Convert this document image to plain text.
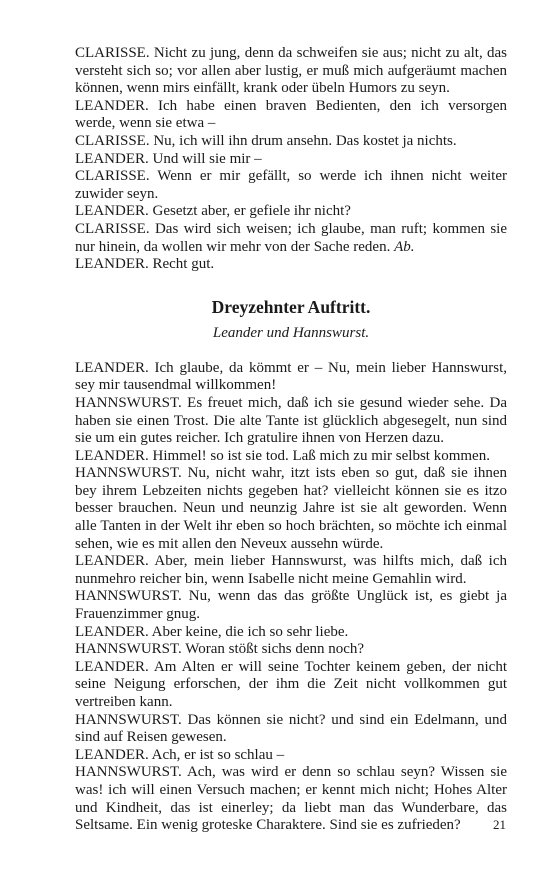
CLARISSE. Nicht zu jung, denn da schweifen sie aus; nicht zu alt, das versteht sich so; vor allen aber lustig, er muß mich aufgeräumt machen können, wenn mirs einfällt, krank oder übeln Humors zu seyn.

LEANDER. Ich habe einen braven Bedienten, den ich versorgen werde, wenn sie etwa –

CLARISSE. Nu, ich will ihn drum ansehn. Das kostet ja nichts.

LEANDER. Und will sie mir –

CLARISSE. Wenn er mir gefällt, so werde ich ihnen nicht weiter zuwider seyn.

LEANDER. Gesetzt aber, er gefiele ihr nicht?

CLARISSE. Das wird sich weisen; ich glaube, man ruft; kommen sie nur hinein, da wollen wir mehr von der Sache reden. Ab.

LEANDER. Recht gut.

Dreyzehnter Auftritt.
Leander und Hannswurst.

LEANDER. Ich glaube, da kömmt er – Nu, mein lieber Hannswurst, sey mir tausendmal willkommen!

HANNSWURST. Es freuet mich, daß ich sie gesund wieder sehe. Da haben sie einen Trost. Die alte Tante ist glücklich abgesegelt, nun sind sie um ein gutes reicher. Ich gratulire ihnen von Herzen dazu.

LEANDER. Himmel! so ist sie tod. Laß mich zu mir selbst kommen.

HANNSWURST. Nu, nicht wahr, itzt ists eben so gut, daß sie ihnen bey ihrem Lebzeiten nichts gegeben hat? vielleicht können sie es itzo besser brauchen. Neun und neunzig Jahre ist sie alt geworden. Wenn alle Tanten in der Welt ihr eben so hoch brächten, so möchte ich einmal sehen, wie es mit allen den Neveux aussehn würde.

LEANDER. Aber, mein lieber Hannswurst, was hilfts mich, daß ich nunmehro reicher bin, wenn Isabelle nicht meine Gemahlin wird.

HANNSWURST. Nu, wenn das das größte Unglück ist, es giebt ja Frauenzimmer gnug.

LEANDER. Aber keine, die ich so sehr liebe.

HANNSWURST. Woran stößt sichs denn noch?

LEANDER. Am Alten er will seine Tochter keinem geben, der nicht seine Neigung erforschen, der ihm die Zeit nicht vollkommen gut vertreiben kann.

HANNSWURST. Das können sie nicht? und sind ein Edelmann, und sind auf Reisen gewesen.

LEANDER. Ach, er ist so schlau –

HANNSWURST. Ach, was wird er denn so schlau seyn? Wissen sie was! ich will einen Versuch machen; er kennt mich nicht; Hohes Alter und Kindheit, das ist einerley; da liebt man das Wunderbare, das Seltsame. Ein wenig groteske Charaktere. Sind sie es zufrieden?	21
